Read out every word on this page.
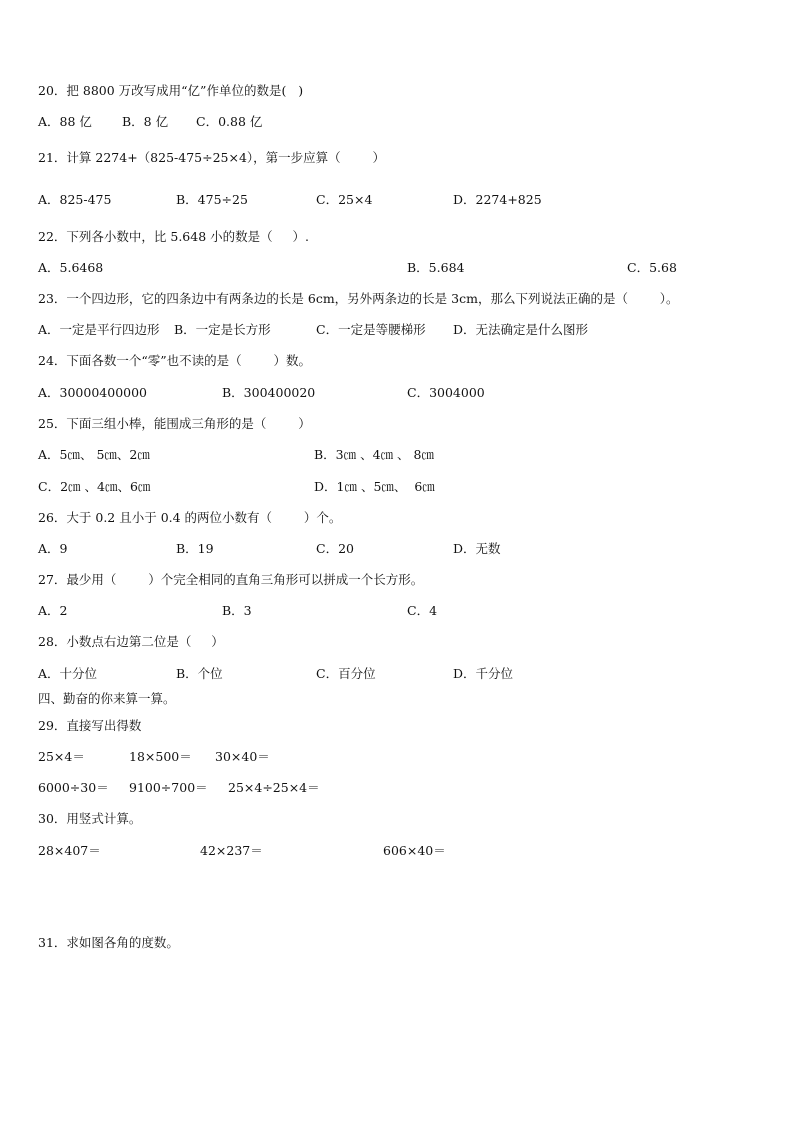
20．把 8800 万改写成用“亿”作单位的数是(   )
A．88 亿 B．8 亿 C．0.88 亿
21．计算 2274+（825-475÷25×4），第一步应算（        ）
A．825-475	B．475÷25	C．25×4	D．2274+825
22．下列各小数中，比 5.648 小的数是（     ）.
A．5.6468	B．5.684	C．5.68
23．一个四边形，它的四条边中有两条边的长是 6cm，另外两条边的长是 3cm，那么下列说法正确的是（        ）。
A．一定是平行四边形 B．一定是长方形	C．一定是等腰梯形 D．无法确定是什么图形
24．下面各数一个“零”也不读的是（        ）数。
A．30000400000	B．300400020	C．3004000
25．下面三组小棒，能围成三角形的是（        ）
A．5㎝、 5㎝、2㎝	B．3㎝ 、4㎝ 、 8㎝
C．2㎝ 、4㎝、6㎝	D．1㎝ 、5㎝、  6㎝
26．大于 0.2 且小于 0.4 的两位小数有（        ）个。
A．9	B．19	C．20	D．无数
27．最少用（        ）个完全相同的直角三角形可以拼成一个长方形。
A．2	B．3	C．4
28．小数点右边第二位是（     ）
A．十分位	B．个位	C．百分位	D．千分位
四、勤奋的你来算一算。
29．直接写出得数
25×4＝	18×500＝ 30×40＝
6000÷30＝ 9100÷700＝ 25×4÷25×4＝
30．用竖式计算。
28×407＝	42×237＝	606×40＝
31．求如图各角的度数。
